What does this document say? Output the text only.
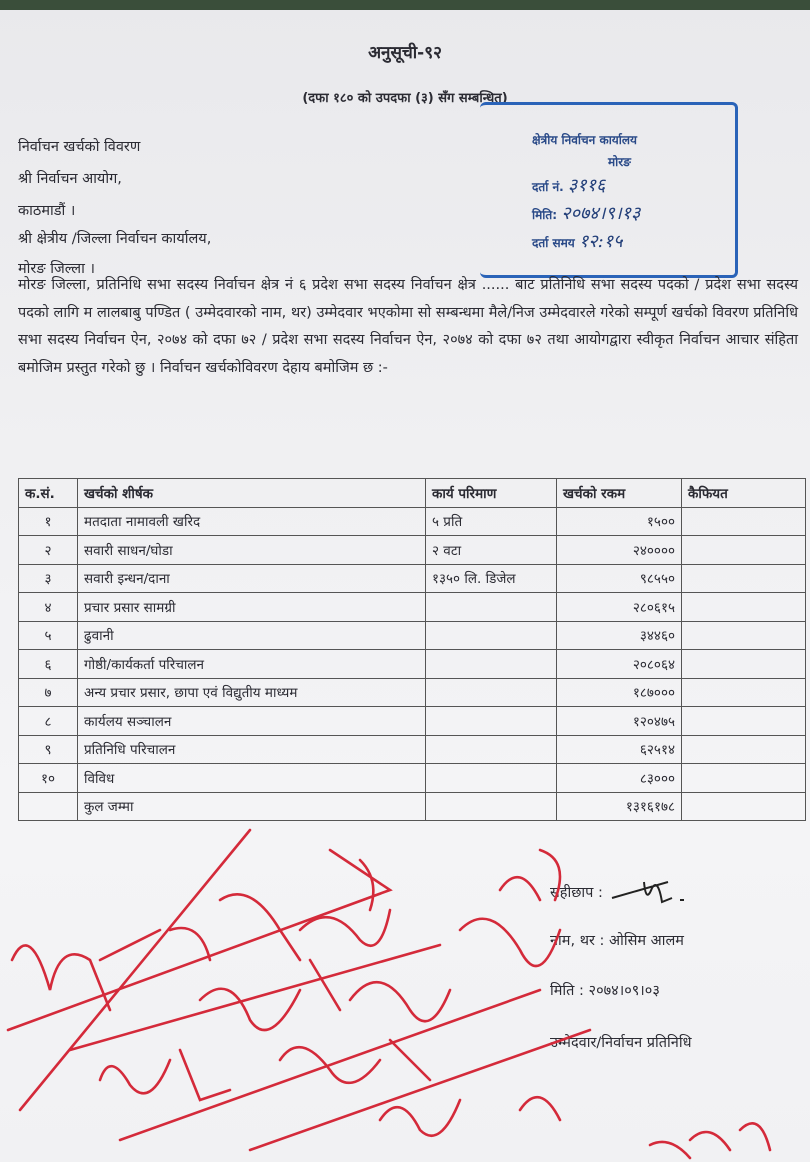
अनुसूची-९२
(दफा १८० को उपदफा (३) सँग सम्बन्धित)
निर्वाचन खर्चको विवरण
श्री निर्वाचन आयोग,
काठमाडौं ।
श्री क्षेत्रीय /जिल्ला निर्वाचन कार्यालय,
मोरङ जिल्ला ।
क्षेत्रीय निर्वाचन कार्यालय
मोरङ
दर्ता नं. ३११६
मिति: २०७४।९।१३
दर्ता समय १२:१५
मोरङ जिल्ला, प्रतिनिधि सभा सदस्य निर्वाचन क्षेत्र नं ६ प्रदेश सभा सदस्य निर्वाचन क्षेत्र ...... बाट प्रतिनिधि सभा सदस्य पदको / प्रदेश सभा सदस्य पदको लागि म लालबाबु पण्डित ( उम्मेदवारको नाम, थर) उम्मेदवार भएकोमा सो सम्बन्धमा मैले/निज उम्मेदवारले गरेको सम्पूर्ण खर्चको विवरण प्रतिनिधि सभा सदस्य निर्वाचन ऐन, २०७४ को दफा ७२ / प्रदेश सभा सदस्य निर्वाचन ऐन, २०७४ को दफा ७२ तथा आयोगद्वारा स्वीकृत निर्वाचन आचार संहिता बमोजिम प्रस्तुत गरेको छु । निर्वाचन खर्चकोविवरण देहाय बमोजिम छ :-
क.सं.	खर्चको शीर्षक	कार्य परिमाण	खर्चको रकम	कैफियत
१	मतदाता नामावली खरिद	५ प्रति	१५००	
२	सवारी साधन/घोडा	२ वटा	२४००००	
३	सवारी इन्धन/दाना	१३५० लि. डिजेल	९८५५०	
४	प्रचार प्रसार सामग्री		२८०६१५	
५	ढुवानी		३४४६०	
६	गोष्ठी/कार्यकर्ता परिचालन		२०८०६४	
७	अन्य प्रचार प्रसार, छापा एवं विद्युतीय माध्यम		१८७०००	
८	कार्यलय सञ्चालन		१२०४७५	
९	प्रतिनिधि परिचालन		६२५१४	
१०	विविध		८३०००	
	कुल जम्मा		१३१६१७८	
सहीछाप :
नाम, थर : ओसिम आलम
मिति : २०७४।०९।०३
उम्मेदवार/निर्वाचन प्रतिनिधि
